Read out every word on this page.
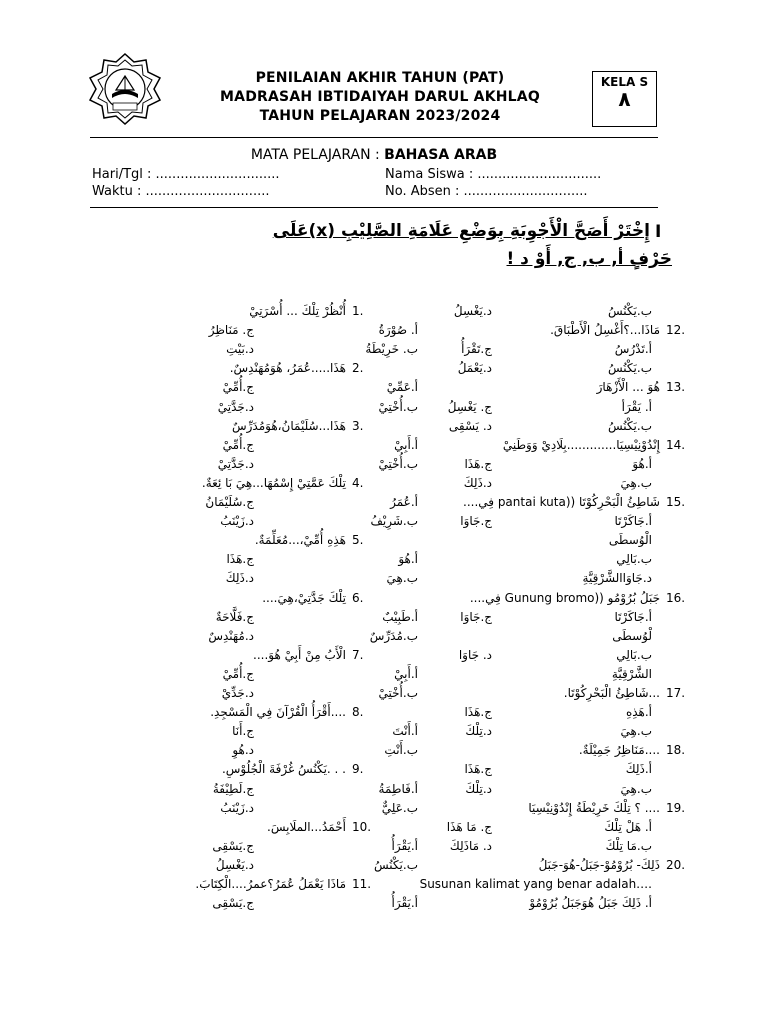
PENILAIAN AKHIR TAHUN (PAT)
MADRASAH IBTIDAIYAH DARUL AKHLAQ
TAHUN PELAJARAN 2023/2024
KELA S
٨
MATA PELAJARAN : BAHASA ARAB
Hari/Tgl : ..............................
Waktu : ..............................
Nama Siswa : ..............................
No. Absen : ..............................
I
إِخْتَرْ أَصَحَّ الْأَجْوِبَةِ بِوَضْعِ عَلَامَةِ الصَّلِيْبِ (x)عَلَى
حَرْفٍ أ, ب, ج, أَوْ د !
1.
أُنْظُرْ تِلْكَ ... أُسْرَتِيْ
أ. صُوْرَةُ
ج. مَنَاظِرُ
ب. خَرِيْطَةُ
د.بَيْتِ
2.
هَذَا.....عُمَرُ، هُوَمُهَنْدِسٌ.
أ.عَمِّيْ
ج.أُمِّيْ
ب.أُخْتِيْ
د.جَدَّتِيْ
3.
هَذَا...سُلَيْمَانُ،هُوَمُدَرِّسٌ
أ.أَبِيْ
ج.أُمِّيْ
ب.أُخْتِيْ
د.جَدَّتِيْ
4.
تِلْكَ عَمَّتِيْ إِسْمُهَا...هِيَ بَا ئِعَةٌ.
أ.عُمَرُ
ج.سُلَيْمَانُ
ب.شَرِيْفُ
د.زَيْنَبُ
5.
هَذِهِ أُمِّيْ،...مُعَلِّمَةٌ.
أ.هُوَ
ج.هَذَا
ب.هِيَ
د.ذَلِكَ
6.
تِلْكَ جَدَّتِيْ،هِيَ....
أ.طَبِيْبٌ
ج.فَلَّاحَةٌ
ب.مُدَرِّسٌ
د.مُهَنْدِسٌ
7.
الْأَبُ مِنْ أَبِيْ هُوَ....
أ.أَبِيْ
ج.أُمِّيْ
ب.أُخْتِيْ
د.جَدِّيْ
8.
....أَقْرَأُ الْقُرْآنَ فِي الْمَسْجِدِ.
أ.أَنْتَ
ج.أَنَا
ب.أَنْتِ
د.هُوِ
9.
. . .يَكْنُسُ غُرْفَةَ الْجُلُوْسِ.
أ.فَاطِمَةُ
ج.لَطِيْفَةُ
ب.عَلِيٌّ
د.زَيْنَبُ
10.
أَحْمَدُ...الملَابِسَ.
أ.يَقْرَأُ
ج.يَسْقِى
ب.يَكْنُسُ
د.يَغْسِلُ
11.
مَاذَا يَعْمَلُ عُمَرُ؟عمرُ....الْكِتَابَ.
أ.يَقْرَأُ
ج.يَسْقِى
ب.يَكْنُسُ
د.يَغْسِلُ
12.
مَاذَا...؟أَغْسِلُ الْأَطْبَاقَ.
أ.تَدْرُسُ
ج.تَقْرَأُ
ب.يَكْنُسُ
د.يَعْمَلُ
13.
هُوَ ... الْأَزْهَارَ
أ. يَقْرَأ
ج. يَغْسِلُ
ب.يَكْنُسُ
د. يَسْقِى
14.
إِنْدُوْنِيْسِيَا.............بِلَادِيْ وَوَطَنِيْ
أ.هُوَ
ج.هَذَا
ب.هِيَ
د.ذَلِكَ
15.
شَاطِئُ الْبَحْرِكُوْتَا ((pantai kuta فِي....
أ.جَاكَرْتَا
ج.جَاوَا
الْوُسطَى
ب.بَالِي
د.جَاوَاالشَّرْقِيَّةِ
16.
جَبَلُ بُرُوْمُو ((Gunung bromo فِي....
أ.جَاكَرْتَا
ج.جَاوَا
لْوُسطَى
ب.بَالِي
د. جَاوَا
الشَّرْقِيَّةِ
17.
...شَاطِئُ الْبَحْرِكُوْتَا.
أ.هَذِهِ
ج.هَذَا
ب.هِيَ
د.تِلْكَ
18.
....مَنَاظِرُ جَمِيْلَةٌ.
أ.ذَلِكَ
ج.هَذَا
ب.هِيَ
د.تِلْكَ
19.
.... ؟ تِلْكَ خَرِيْطَةُ إِنْدُوْنِيْسِيَا
أ. هَلْ تِلْكَ
ج. مَا هَذَا
ب.مَا تِلْكَ
د. مَاذَلِكَ
20.
ذَلِكَ- بُرُوْمُوْ-جَبَلُ-هُوَ-جَبَلُ
Susunan kalimat yang benar adalah….
أ. ذَلِكَ جَبَلُ هُوَجَبَلُ بُرُوْمُوْ
